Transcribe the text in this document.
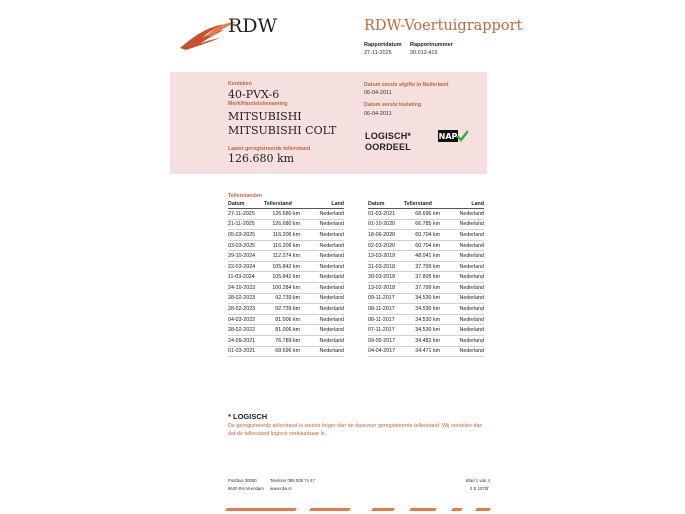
RDW	RDW-Voertuigrapport
Rapportdatum
27-11-2025
Rapportnummer
30.012.416
Kenteken
40-PVX-6
Merk/Handelsbenaming
MITSUBISHI
MITSUBISHI COLT
Laatst geregistreerde tellerstand
126.680 km
Datum eerste afgifte in Nederland
06-04-2011
Datum eerste toelating
06-04-2011
LOGISCH*
OORDEEL
NAP
Tellerstanden
Datum	Tellerstand	Land
27-11-2025	126.680 km	Nederland
21-11-2025	126.680 km	Nederland
05-03-2025	116.206 km	Nederland
03-03-2025	116.206 km	Nederland
29-10-2024	112.274 km	Nederland
22-03-2024	105.842 km	Nederland
11-03-2024	105.842 km	Nederland
24-10-2023	100.284 km	Nederland
28-02-2023	92.739 km	Nederland
28-02-2023	92.739 km	Nederland
04-03-2022	81.006 km	Nederland
28-02-2022	81.006 km	Nederland
24-09-2021	76.789 km	Nederland
01-03-2021	68.696 km	Nederland
Datum	Tellerstand	Land
01-03-2021	68.696 km	Nederland
01-10-2020	66.785 km	Nederland
18-06-2020	60.704 km	Nederland
02-03-2020	60.704 km	Nederland
13-03-2019	48.041 km	Nederland
31-03-2018	37.799 km	Nederland
30-03-2018	37.805 km	Nederland
13-02-2018	37.799 km	Nederland
09-11-2017	34.530 km	Nederland
08-11-2017	34.530 km	Nederland
08-11-2017	34.530 km	Nederland
07-11-2017	34.530 km	Nederland
09-05-2017	34.482 km	Nederland
04-04-2017	34.471 km	Nederland
* LOGISCH
De geregistreerde tellerstand is steeds hoger dan de daarvoor geregistreerde tellerstand. Wij oordelen dan dat de tellerstand logisch verklaarbaar is.
Postbus 30000
9640 RA Veendam
Telefoon 088 008 74 47
www.rdw.nl
Blad 1 van 4
2 E 1075f
